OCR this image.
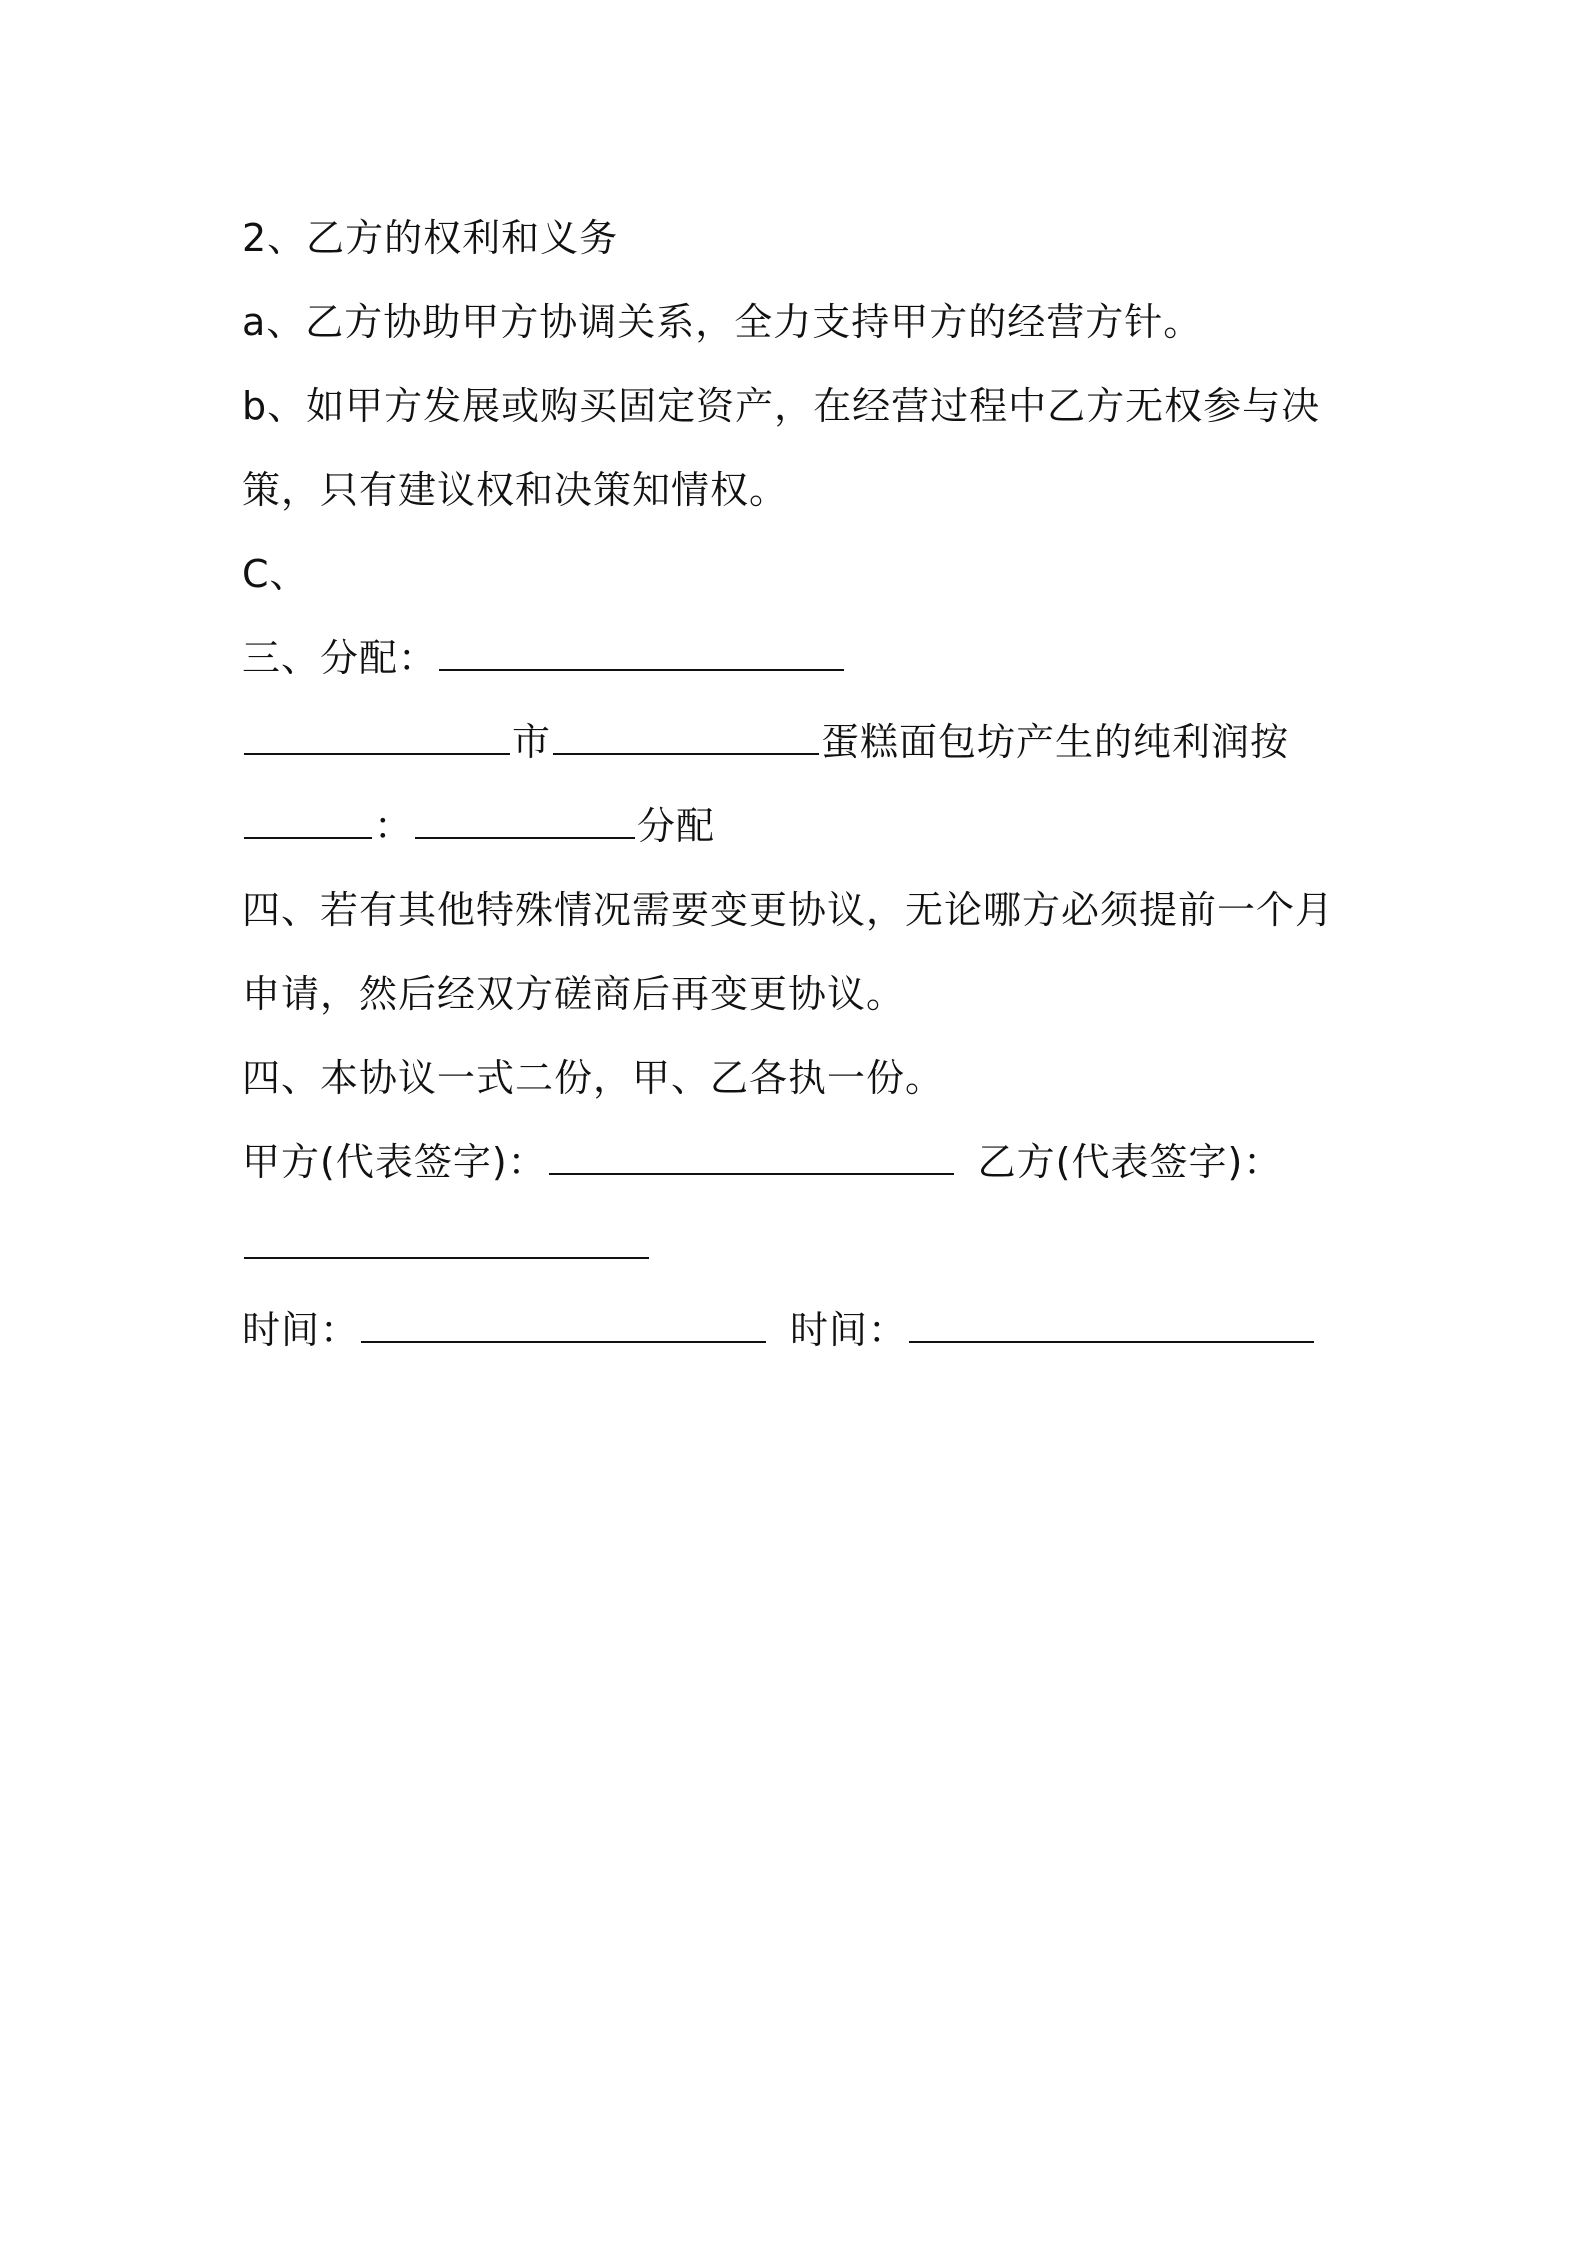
2、乙方的权利和义务
a、乙方协助甲方协调关系，全力支持甲方的经营方针。
b、如甲方发展或购买固定资产，在经营过程中乙方无权参与决
策，只有建议权和决策知情权。
C、
三、分配：
市	蛋糕面包坊产生的纯利润按
：	分配
四、若有其他特殊情况需要变更协议，无论哪方必须提前一个月
申请，然后经双方磋商后再变更协议。
四、本协议一式二份，甲、乙各执一份。
甲方(代表签字)：	乙方(代表签字)：
时间：	时间：
